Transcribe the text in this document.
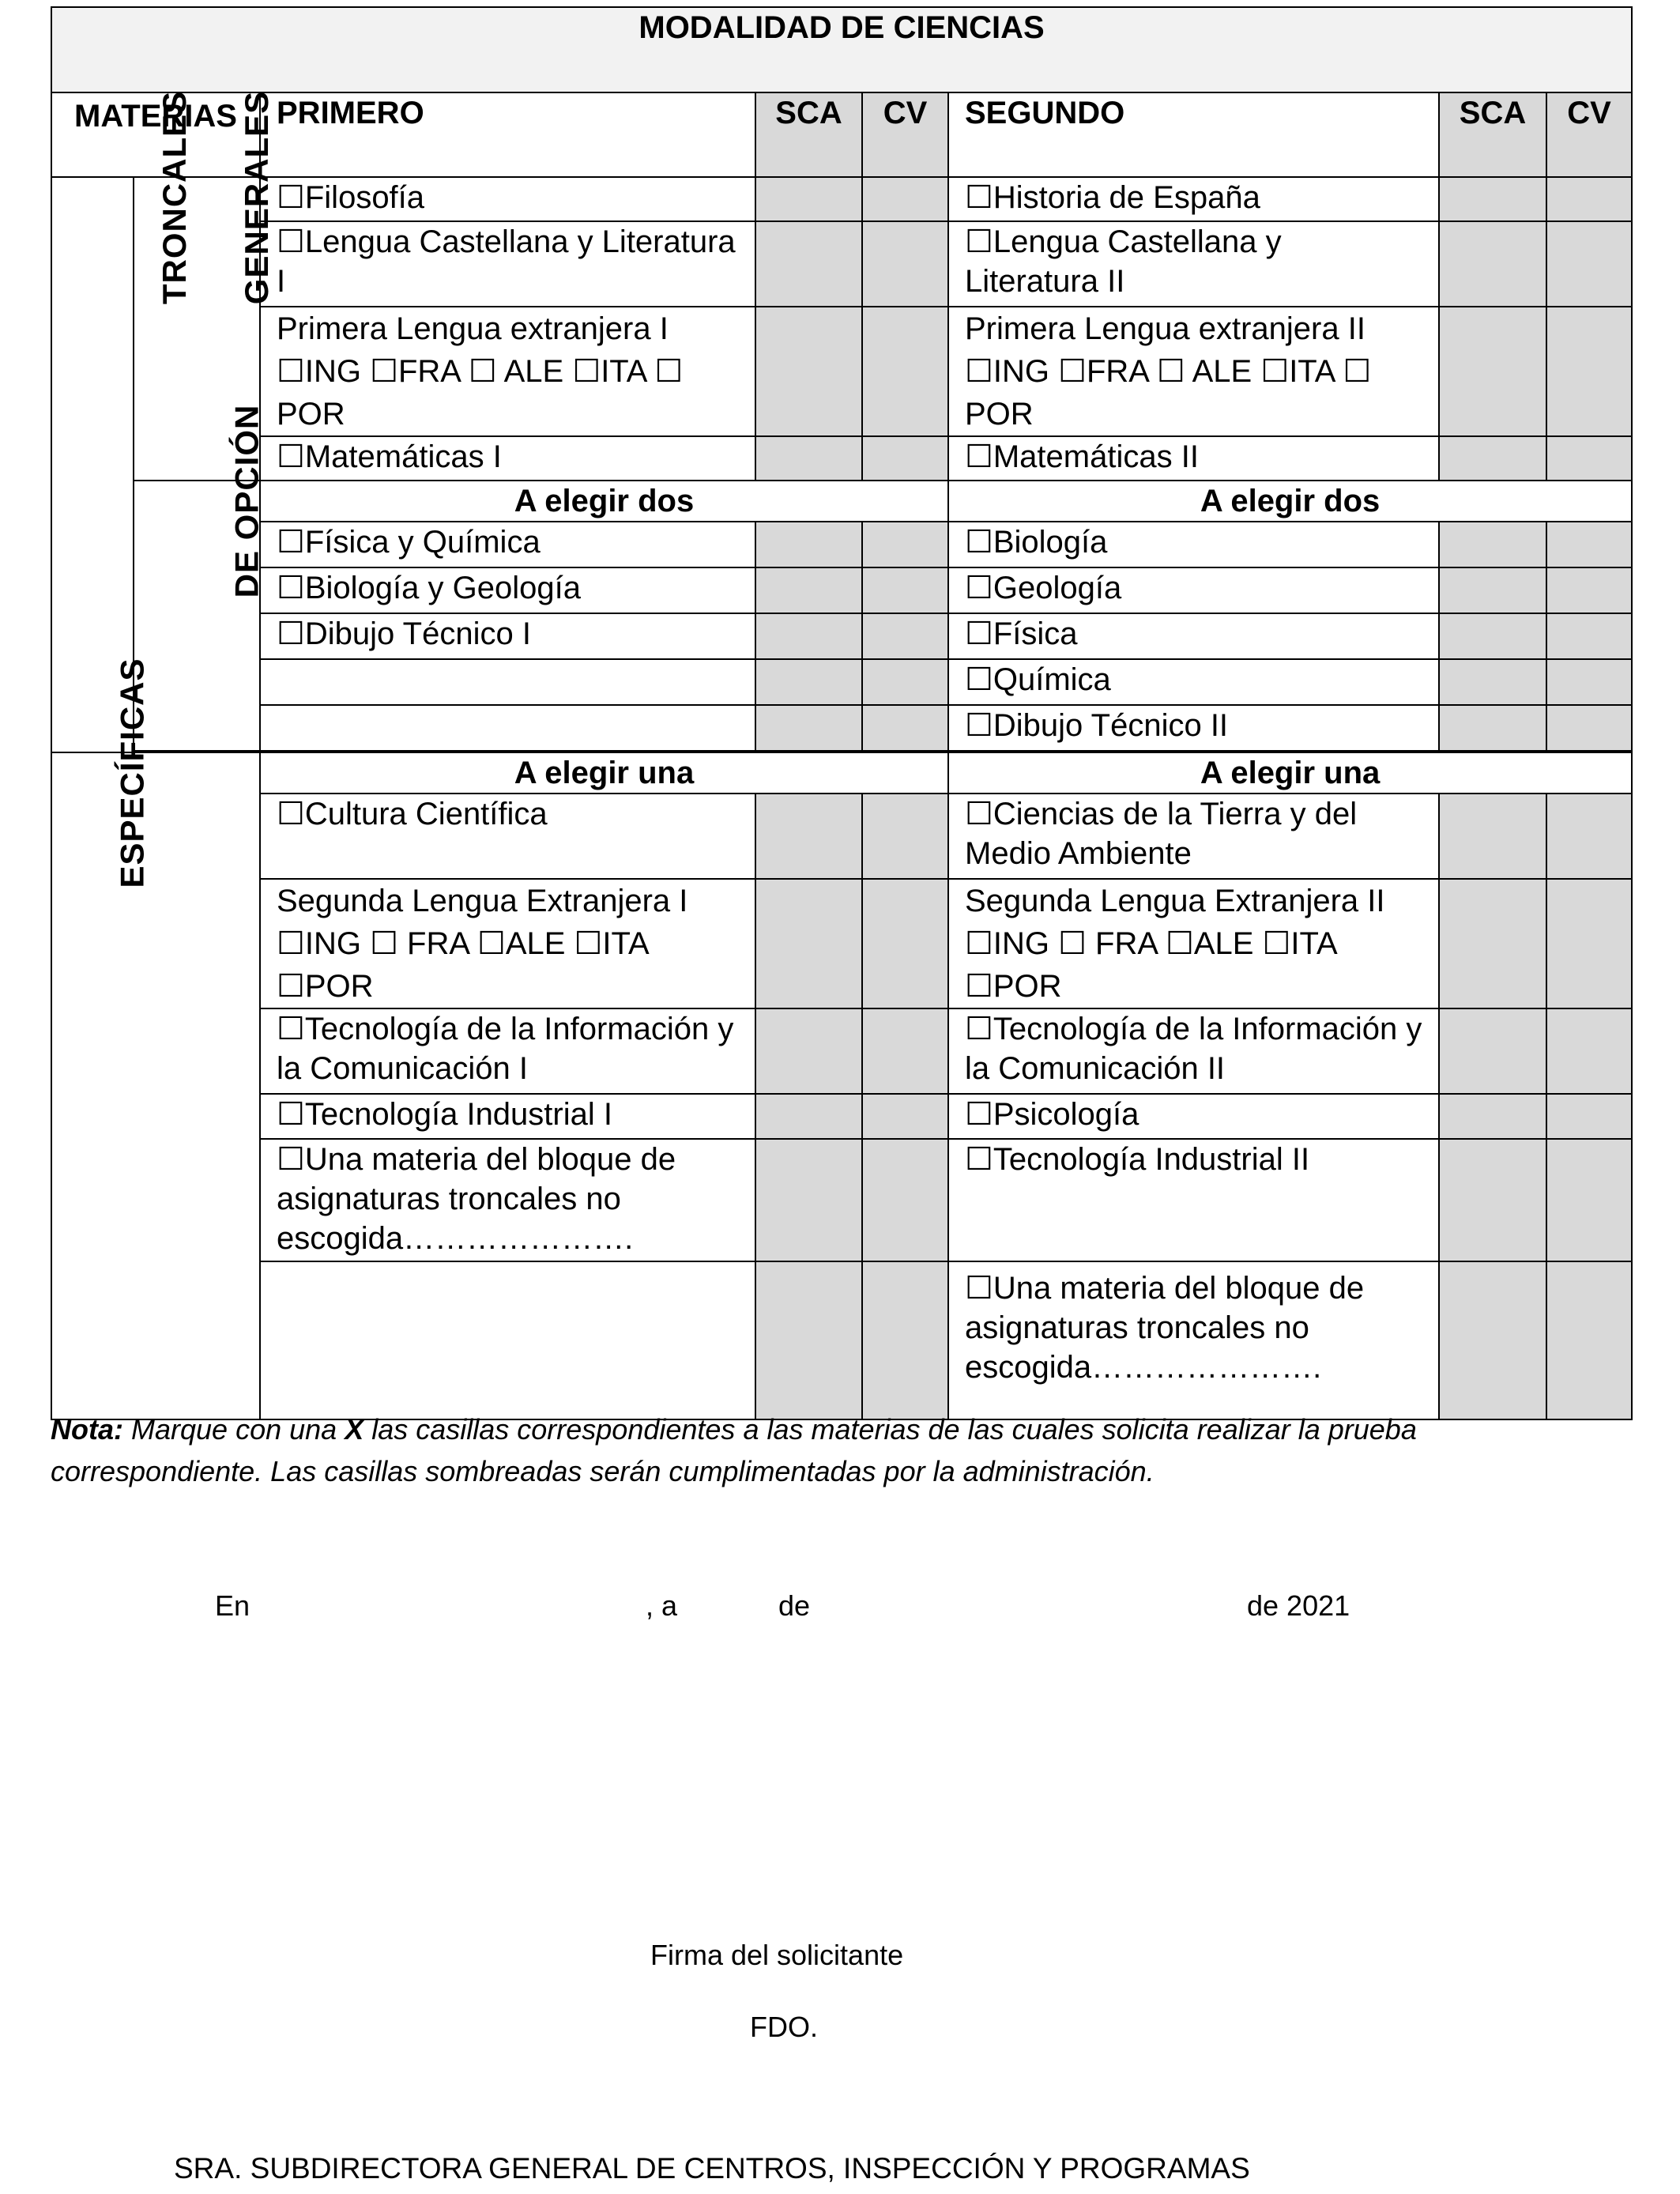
MODALIDAD DE CIENCIAS							
MATERIAS		PRIMERO	SCA	CV	SEGUNDO	SCA	CV
TRONCALES	GENERALES	☐Filosofía			☐Historia de España		
		☐Lengua Castellana y Literatura I			☐Lengua Castellana y Literatura II		
		Primera Lengua extranjera I ☐ING ☐FRA ☐ ALE ☐ITA ☐ POR			Primera Lengua extranjera II ☐ING ☐FRA ☐ ALE ☐ITA ☐ POR		
		☐Matemáticas I			☐Matemáticas II		
	DE OPCIÓN	A elegir dos			A elegir dos		
		☐Física y Química			☐Biología		
		☐Biología y Geología			☐Geología		
		☐Dibujo Técnico I			☐Física		
					☐Química		
					☐Dibujo Técnico II		

ESPECÍFICAS		A elegir una			A elegir una		
		☐Cultura Científica			☐Ciencias de la Tierra y del Medio Ambiente		
		Segunda Lengua Extranjera I ☐ING ☐ FRA ☐ALE ☐ITA ☐POR			Segunda Lengua Extranjera II ☐ING ☐ FRA ☐ALE ☐ITA ☐POR		
		☐Tecnología de la Información y la Comunicación I			☐Tecnología de la Información y la Comunicación II		
		☐Tecnología Industrial I			☐Psicología		
		☐Una materia del bloque de asignaturas troncales no escogida………………….			☐Tecnología Industrial II		
					☐Una materia del bloque de asignaturas troncales no escogida………………….		
Nota: Marque con una X las casillas correspondientes a las materias de las cuales solicita realizar la prueba correspondiente. Las casillas sombreadas serán cumplimentadas por la administración.
En	, a	de	de 2021
Firma del solicitante
FDO.
SRA. SUBDIRECTORA GENERAL DE CENTROS, INSPECCIÓN Y PROGRAMAS
